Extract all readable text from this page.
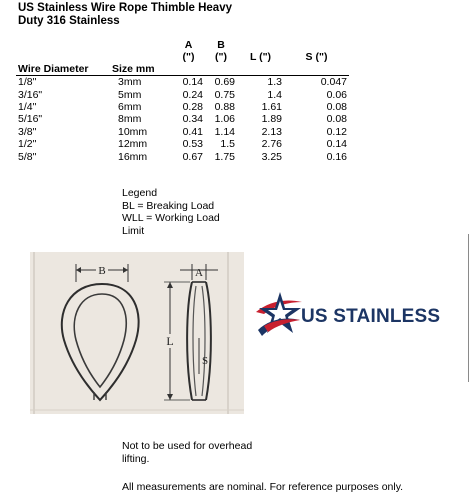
US Stainless Wire Rope Thimble Heavy
Duty 316 Stainless
		A	B		
		(")	(")	L (")	S (")
Wire Diameter	Size mm				
1/8"	3mm	0.14	0.69	1.3	0.047
3/16"	5mm	0.24	0.75	1.4	0.06
1/4"	6mm	0.28	0.88	1.61	0.08
5/16"	8mm	0.34	1.06	1.89	0.08
3/8"	10mm	0.41	1.14	2.13	0.12
1/2"	12mm	0.53	1.5	2.76	0.14
5/8"	16mm	0.67	1.75	3.25	0.16
Legend
BL = Breaking Load
WLL = Working Load
Limit
B	A
L
S
US STAINLESS
Not to be used for overhead
lifting.
All measurements are nominal. For reference purposes only.
